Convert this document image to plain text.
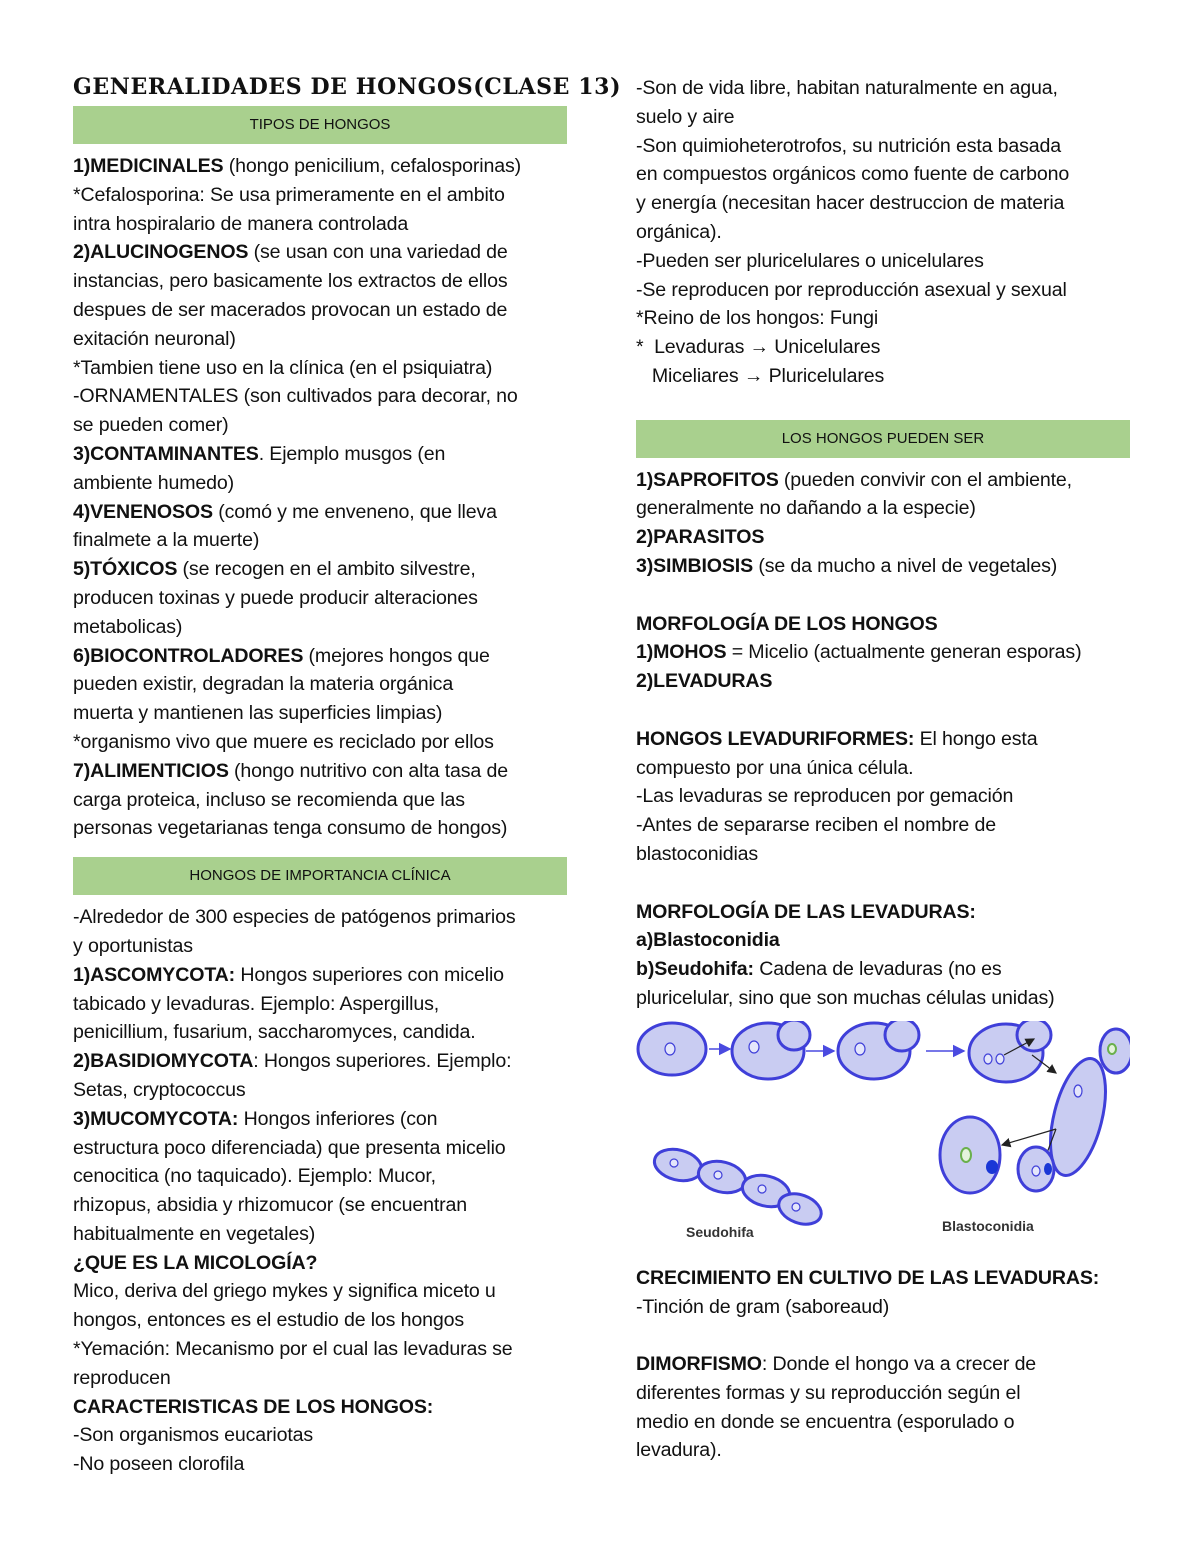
GENERALIDADES DE HONGOS(CLASE 13)
TIPOS DE HONGOS
1)MEDICINALES (hongo penicilium, cefalosporinas)
*Cefalosporina: Se usa primeramente en el ambito
intra hospiralario de manera controlada
2)ALUCINOGENOS (se usan con una variedad de
instancias, pero basicamente los extractos de ellos
despues de ser macerados provocan un estado de
exitación neuronal)
*Tambien tiene uso en la clínica (en el psiquiatra)
-ORNAMENTALES (son cultivados para decorar, no
se pueden comer)
3)CONTAMINANTES. Ejemplo musgos (en
ambiente humedo)
4)VENENOSOS (comó y me enveneno, que lleva
finalmete a la muerte)
5)TÓXICOS (se recogen en el ambito silvestre,
producen toxinas y puede producir alteraciones
metabolicas)
6)BIOCONTROLADORES (mejores hongos que
pueden existir, degradan la materia orgánica
muerta y mantienen las superficies limpias)
*organismo vivo que muere es reciclado por ellos
7)ALIMENTICIOS (hongo nutritivo con alta tasa de
carga proteica, incluso se recomienda que las
personas vegetarianas tenga consumo de hongos)
HONGOS DE IMPORTANCIA CLÍNICA
-Alrededor de 300 especies de patógenos primarios
y oportunistas
1)ASCOMYCOTA: Hongos superiores con micelio
tabicado y levaduras. Ejemplo: Aspergillus,
penicillium, fusarium, saccharomyces, candida.
2)BASIDIOMYCOTA: Hongos superiores. Ejemplo:
Setas, cryptococcus
3)MUCOMYCOTA: Hongos inferiores (con
estructura poco diferenciada) que presenta micelio
cenocitica (no taquicado). Ejemplo: Mucor,
rhizopus, absidia y rhizomucor (se encuentran
habitualmente en vegetales)
¿QUE ES LA MICOLOGÍA?
Mico, deriva del griego mykes y significa miceto u
hongos, entonces es el estudio de los hongos
*Yemación: Mecanismo por el cual las levaduras se
reproducen
CARACTERISTICAS DE LOS HONGOS:
-Son organismos eucariotas
-No poseen clorofila
-Son de vida libre, habitan naturalmente en agua,
suelo y aire
-Son quimioheterotrofos, su nutrición esta basada
en compuestos orgánicos como fuente de carbono
y energía (necesitan hacer destruccion de materia
orgánica).
-Pueden ser pluricelulares o unicelulares
-Se reproducen por reproducción asexual y sexual
*Reino de los hongos: Fungi
*  Levaduras → Unicelulares
Miceliares → Pluricelulares
LOS HONGOS PUEDEN SER
1)SAPROFITOS (pueden convivir con el ambiente,
generalmente no dañando a la especie)
2)PARASITOS
3)SIMBIOSIS (se da mucho a nivel de vegetales)
MORFOLOGÍA DE LOS HONGOS
1)MOHOS = Micelio (actualmente generan esporas)
2)LEVADURAS
HONGOS LEVADURIFORMES: El hongo esta
compuesto por una única célula.
-Las levaduras se reproducen por gemación
-Antes de separarse reciben el nombre de
blastoconidias
MORFOLOGÍA DE LAS LEVADURAS:
a)Blastoconidia
b)Seudohifa: Cadena de levaduras (no es
pluricelular, sino que son muchas células unidas)
Seudohifa	Blastoconidia
CRECIMIENTO EN CULTIVO DE LAS LEVADURAS:
-Tinción de gram (saboreaud)
DIMORFISMO: Donde el hongo va a crecer de
diferentes formas y su reproducción según el
medio en donde se encuentra (esporulado o
levadura).
